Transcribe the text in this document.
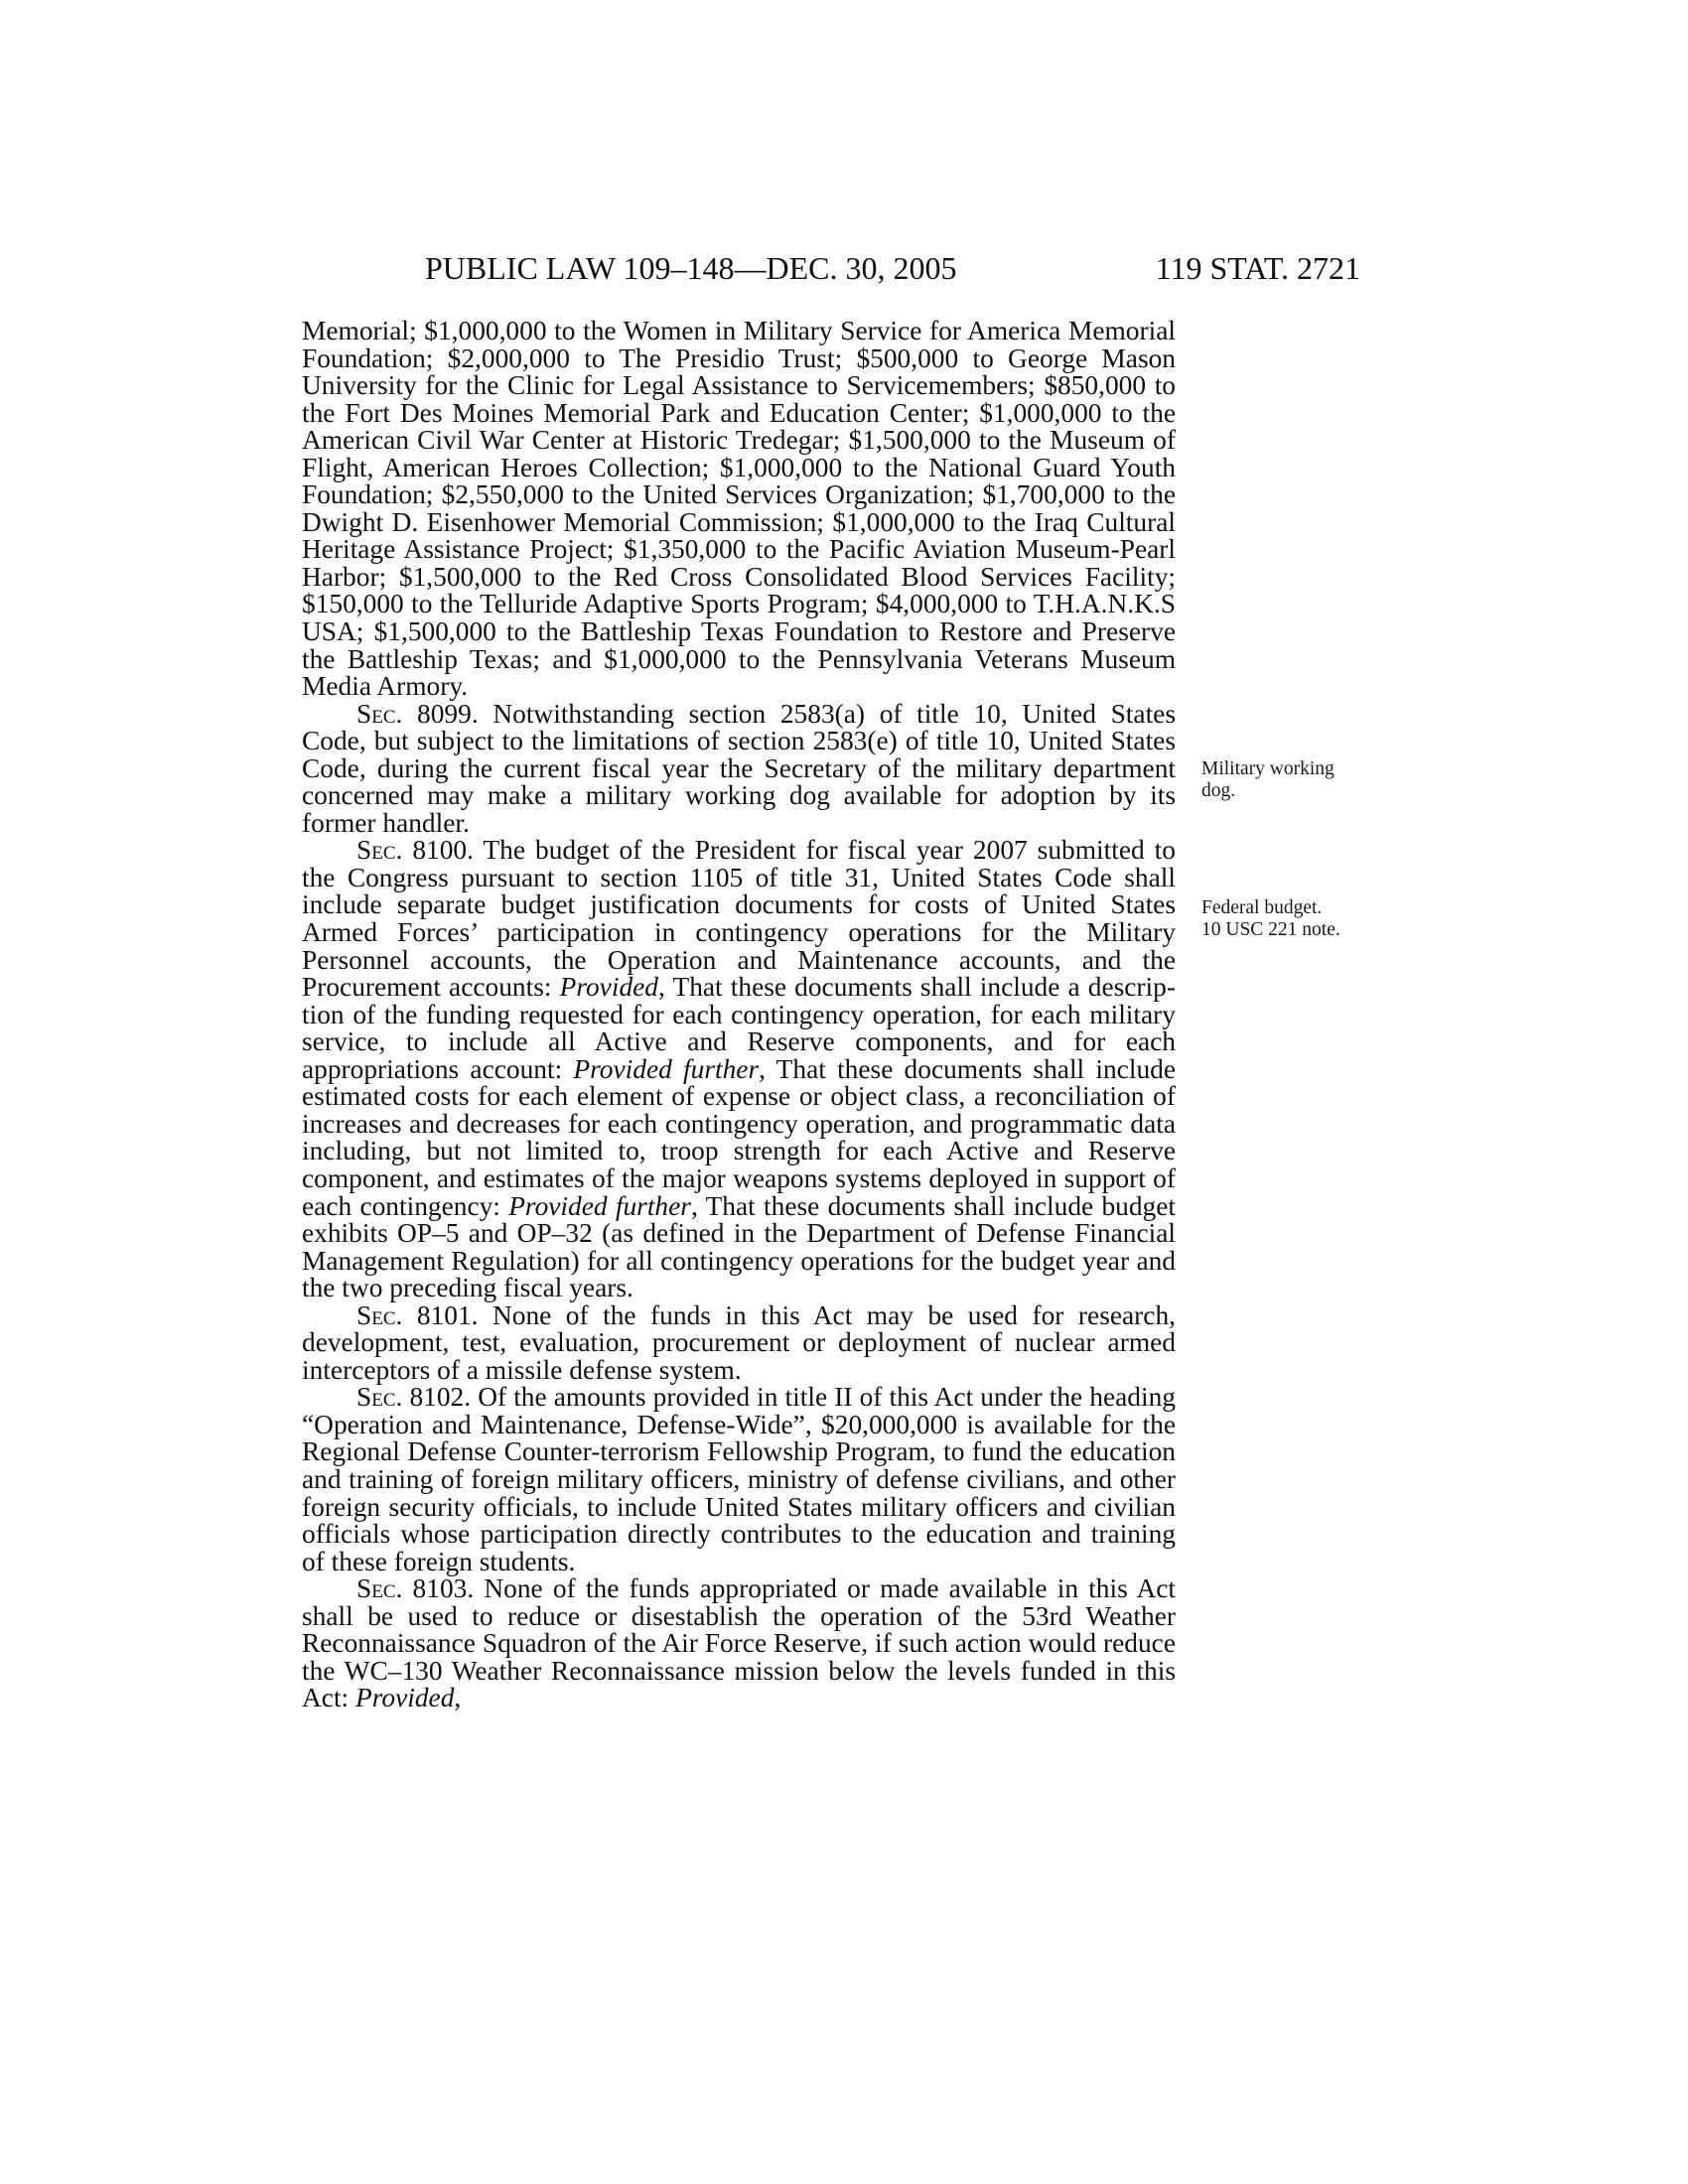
PUBLIC LAW 109–148—DEC. 30, 2005	119 STAT. 2721

Memorial; $1,000,000 to the Women in Military Service for America Memorial Foundation; $2,000,000 to The Presidio Trust; $500,000 to George Mason University for the Clinic for Legal Assistance to Servicemembers; $850,000 to the Fort Des Moines Memorial Park and Education Center; $1,000,000 to the American Civil War Center at Historic Tredegar; $1,500,000 to the Museum of Flight, American Heroes Collection; $1,000,000 to the National Guard Youth Foundation; $2,550,000 to the United Services Organization; $1,700,000 to the Dwight D. Eisenhower Memorial Commission; $1,000,000 to the Iraq Cultural Heritage Assistance Project; $1,350,000 to the Pacific Aviation Museum-Pearl Harbor; $1,500,000 to the Red Cross Consolidated Blood Services Facility; $150,000 to the Telluride Adaptive Sports Program; $4,000,000 to T.H.A.N.K.S USA; $1,500,000 to the Battleship Texas Foundation to Restore and Preserve the Battleship Texas; and $1,000,000 to the Pennsylvania Veterans Museum Media Armory.

Sec. 8099. Notwithstanding section 2583(a) of title 10, United States Code, but subject to the limitations of section 2583(e) of title 10, United States Code, during the current fiscal year the Secretary of the military department concerned may make a military working dog available for adoption by its former handler.

Sec. 8100. The budget of the President for fiscal year 2007 submitted to the Congress pursuant to section 1105 of title 31, United States Code shall include separate budget justification documents for costs of United States Armed Forces’ participation in contingency operations for the Military Personnel accounts, the Operation and Maintenance accounts, and the Procurement accounts: Provided, That these documents shall include a description of the funding requested for each contingency operation, for each military service, to include all Active and Reserve components, and for each appropriations account: Provided further, That these documents shall include estimated costs for each element of expense or object class, a reconciliation of increases and decreases for each contingency operation, and programmatic data including, but not limited to, troop strength for each Active and Reserve component, and estimates of the major weapons systems deployed in support of each contingency: Provided further, That these documents shall include budget exhibits OP–5 and OP–32 (as defined in the Department of Defense Financial Management Regulation) for all contingency operations for the budget year and the two preceding fiscal years.

Sec. 8101. None of the funds in this Act may be used for research, development, test, evaluation, procurement or deployment of nuclear armed interceptors of a missile defense system.

Sec. 8102. Of the amounts provided in title II of this Act under the heading “Operation and Maintenance, Defense-Wide”, $20,000,000 is available for the Regional Defense Counter-terrorism Fellowship Program, to fund the education and training of foreign military officers, ministry of defense civilians, and other foreign security officials, to include United States military officers and civilian officials whose participation directly contributes to the education and training of these foreign students.

Sec. 8103. None of the funds appropriated or made available in this Act shall be used to reduce or disestablish the operation of the 53rd Weather Reconnaissance Squadron of the Air Force Reserve, if such action would reduce the WC–130 Weather Reconnaissance mission below the levels funded in this Act: Provided,

Military working
dog.
Federal budget.
10 USC 221 note.
